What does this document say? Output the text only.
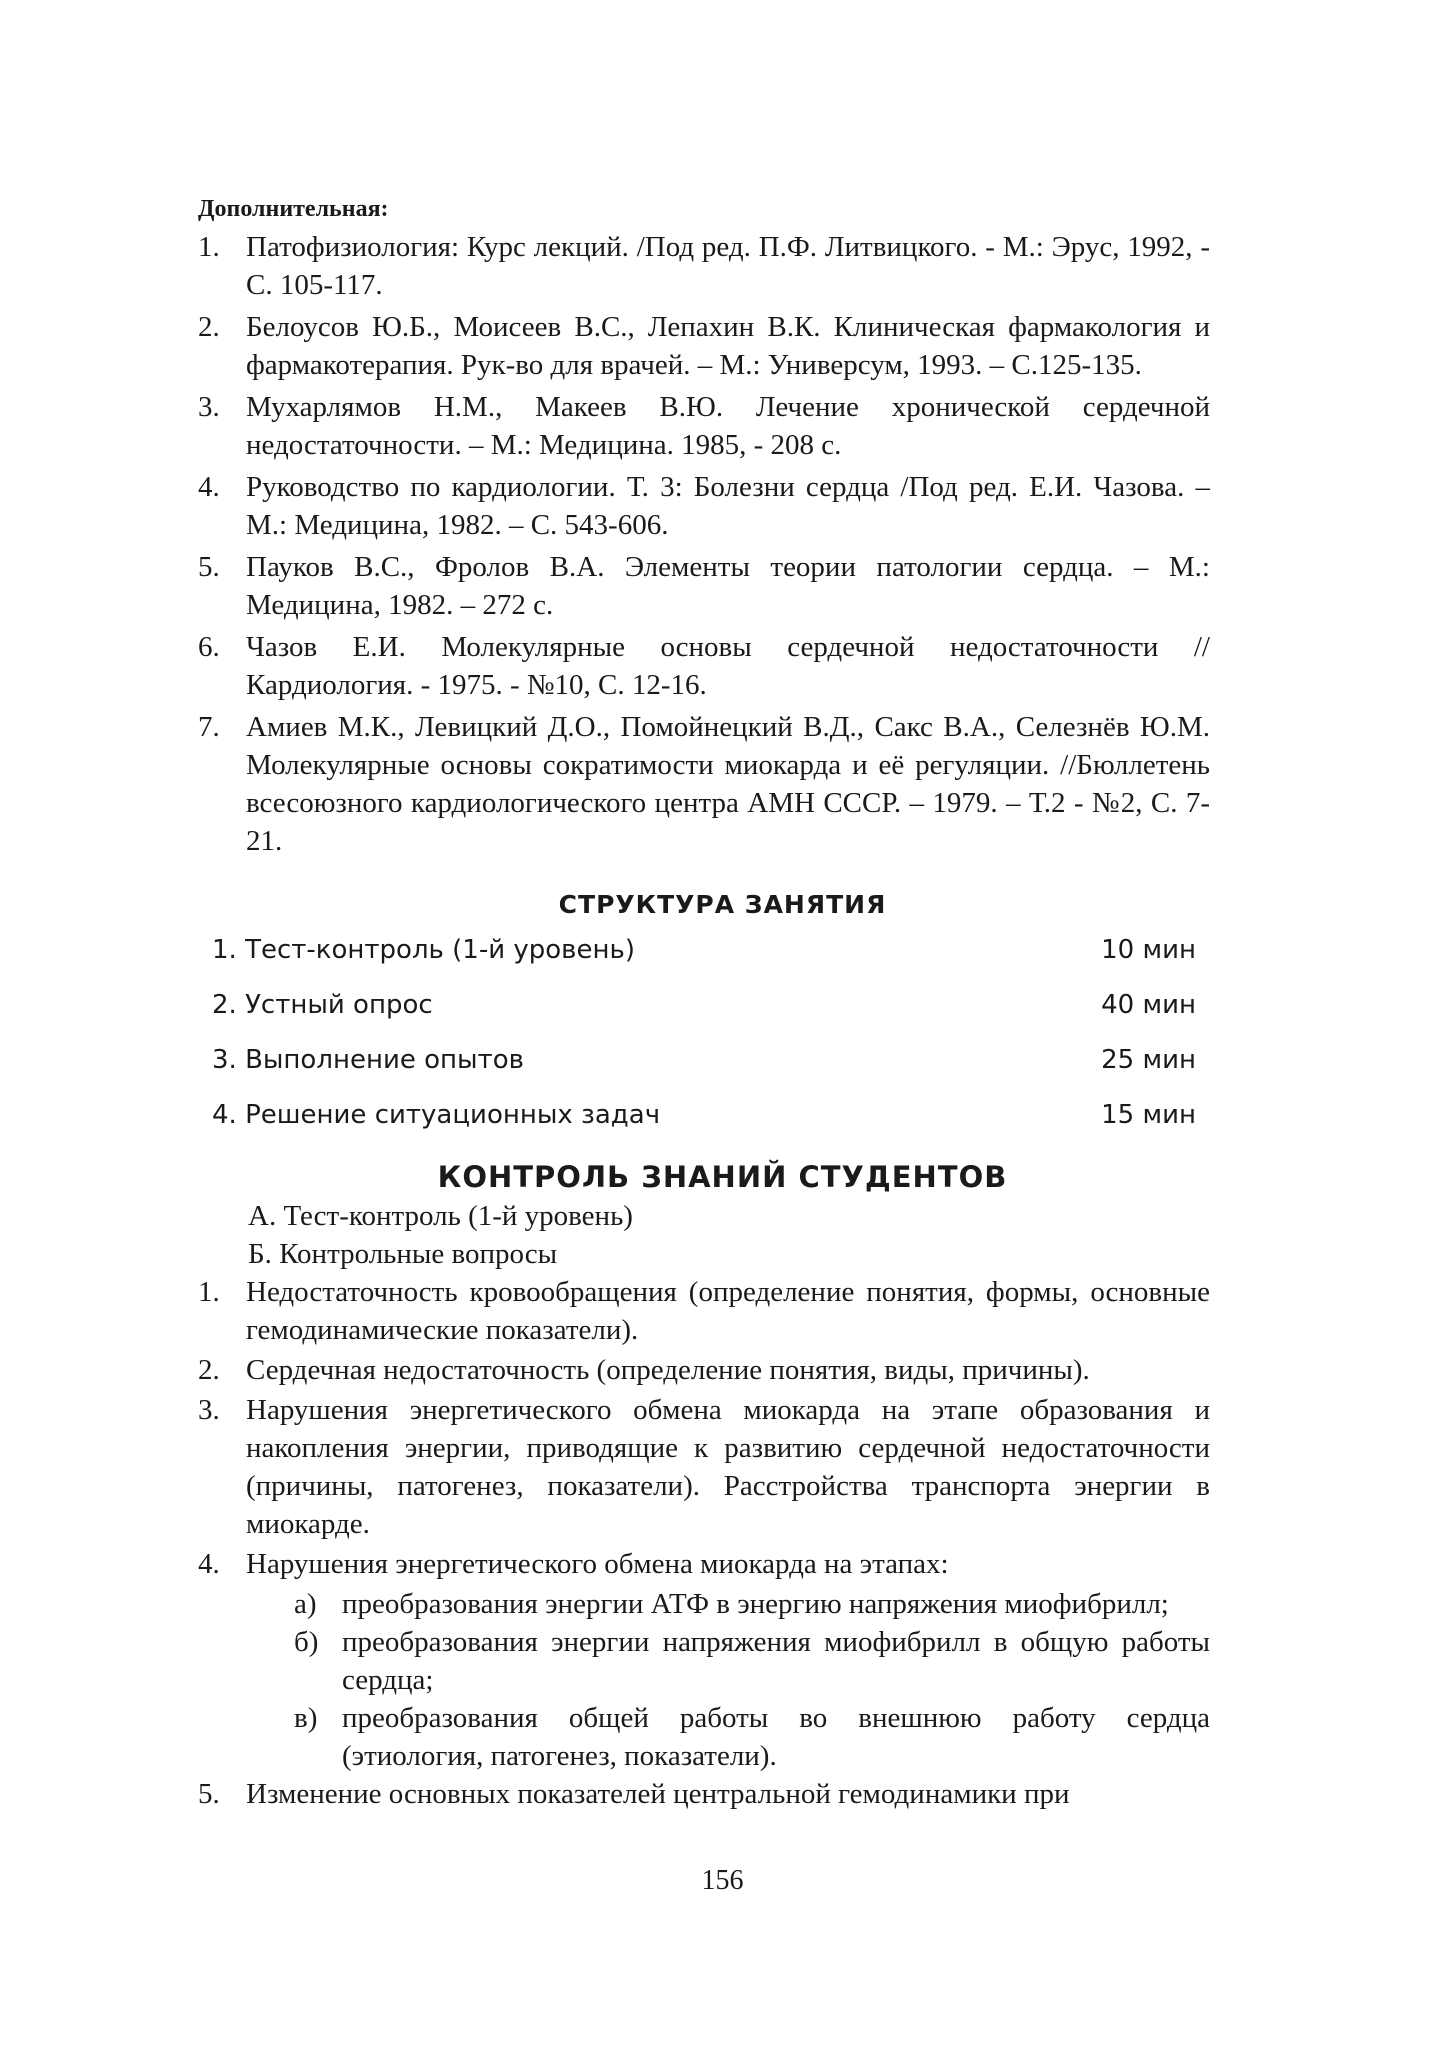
Дополнительная:

1. Патофизиология: Курс лекций. /Под ред. П.Ф. Литвицкого. - М.: Эрус, 1992, - С. 105-117.
2. Белоусов Ю.Б., Моисеев В.С., Лепахин В.К. Клиническая фармакология и фармакотерапия. Рук-во для врачей. – М.: Универсум, 1993. – С.125-135.
3. Мухарлямов Н.М., Макеев В.Ю. Лечение хронической сердечной недостаточности. – М.: Медицина. 1985, - 208 с.
4. Руководство по кардиологии. Т. 3: Болезни сердца /Под ред. Е.И. Чазова. – М.: Медицина, 1982. – С. 543-606.
5. Пауков В.С., Фролов В.А. Элементы теории патологии сердца. – М.: Медицина, 1982. – 272 с.
6. Чазов Е.И. Молекулярные основы сердечной недостаточности // Кардиология. - 1975. - №10, С. 12-16.
7. Амиев М.К., Левицкий Д.О., Помойнецкий В.Д., Сакс В.А., Селезнёв Ю.М. Молекулярные основы сократимости миокарда и её регуляции. //Бюллетень всесоюзного кардиологического центра АМН СССР. – 1979. – Т.2 - №2, С. 7-21.
СТРУКТУРА ЗАНЯТИЯ
1. Тест-контроль (1-й уровень)	10 мин
2. Устный опрос	40 мин
3. Выполнение опытов	25 мин
4. Решение ситуационных задач	15 мин
КОНТРОЛЬ ЗНАНИЙ СТУДЕНТОВ
А. Тест-контроль (1-й уровень)
Б. Контрольные вопросы
1. Недостаточность кровообращения (определение понятия, формы, основные гемодинамические показатели).
2. Сердечная недостаточность (определение понятия, виды, причины).
3. Нарушения энергетического обмена миокарда на этапе образования и накопления энергии, приводящие к развитию сердечной недостаточности (причины, патогенез, показатели). Расстройства транспорта энергии в миокарде.
4. Нарушения энергетического обмена миокарда на этапах:
а) преобразования энергии АТФ в энергию напряжения миофибрилл;
б) преобразования энергии напряжения миофибрилл в общую работы сердца;
в) преобразования общей работы во внешнюю работу сердца (этиология, патогенез, показатели).
5. Изменение основных показателей центральной гемодинамики при
156
